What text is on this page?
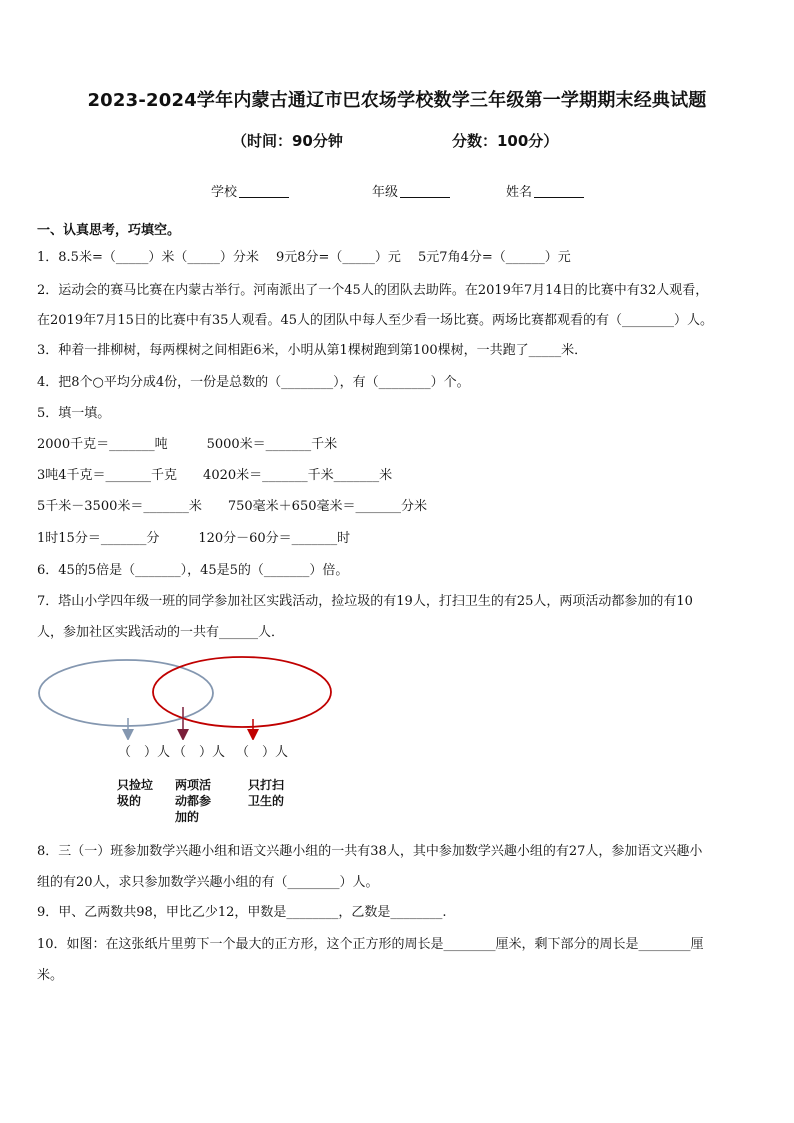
2023-2024学年内蒙古通辽市巴农场学校数学三年级第一学期期末经典试题
（时间：90分钟	分数：100分）
学校	年级	姓名
一、认真思考，巧填空。
1．8.5米=（_____）米（_____）分米　 9元8分=（_____）元　 5元7角4分=（______）元
2．运动会的赛马比赛在内蒙古举行。河南派出了一个45人的团队去助阵。在2019年7月14日的比赛中有32人观看，
在2019年7月15日的比赛中有35人观看。45人的团队中每人至少看一场比赛。两场比赛都观看的有（________）人。
3．种着一排柳树，每两棵树之间相距6米，小明从第1棵树跑到第100棵树，一共跑了_____米．
4．把8个○平均分成4份，一份是总数的（________），有（________）个。
5．填一填。
2000千克＝_______吨　　　5000米＝_______千米
3吨4千克＝_______千克　　4020米＝_______千米_______米
5千米－3500米＝_______米　　750毫米＋650毫米＝_______分米
1时15分＝_______分　　　120分－60分＝_______时
6．45的5倍是（_______），45是5的（_______）倍。
7．塔山小学四年级一班的同学参加社区实践活动，捡垃圾的有19人，打扫卫生的有25人，两项活动都参加的有10
人，参加社区实践活动的一共有______人．
（　）人 （　）人 （　）人
只捡垃
圾的
两项活
动都参
加的
只打扫
卫生的
8．三（一）班参加数学兴趣小组和语文兴趣小组的一共有38人，其中参加数学兴趣小组的有27人，参加语文兴趣小
组的有20人，求只参加数学兴趣小组的有（________）人。
9．甲、乙两数共98，甲比乙少12，甲数是________，乙数是________.
10．如图：在这张纸片里剪下一个最大的正方形，这个正方形的周长是________厘米，剩下部分的周长是________厘
米。
